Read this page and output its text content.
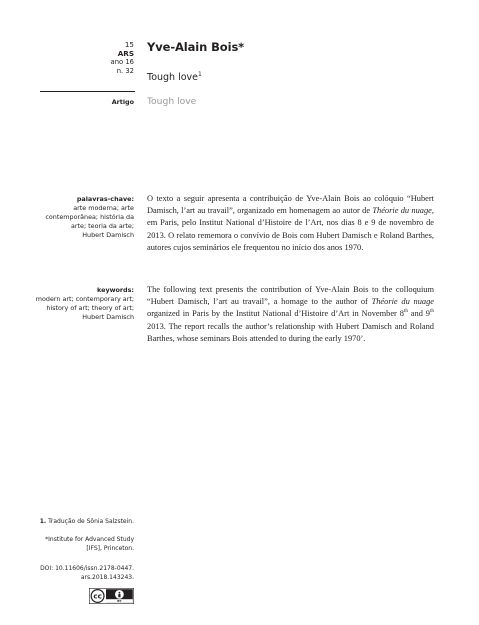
15
ARS
ano 16
n. 32
Artigo
Yve-Alain Bois*
Tough love$^1$
Tough love
palavras-chave:
arte moderna; arte
contemporânea; história da
arte; teoria da arte;
Hubert Damisch
O texto a seguir apresenta a contribuição de Yve-Alain Bois ao colóquio “Hubert Damisch, l’art au travail”, organizado em homenagem ao autor de Théorie du nuage, em Paris, pelo Institut National d’Histoire de l’Art, nos dias 8 e 9 de novembro de 2013. O relato rememora o convívio de Bois com Hubert Damisch e Roland Barthes, autores cujos seminários ele frequentou no início dos anos 1970.
keywords:
modern art; contemporary art;
history of art; theory of art;
Hubert Damisch
The following text presents the contribution of Yve-Alain Bois to the colloquium “Hubert Damisch, l’art au travail”, a homage to the author of Théorie du nuage organized in Paris by the Institut National d’Histoire d’Art in November 8th and 9th 2013. The report recalls the author’s relationship with Hubert Damisch and Roland Barthes, whose seminars Bois attended to during the early 1970’.
1. Tradução de Sônia Salzstein.
*Institute for Advanced Study
[IFS], Princeton.
DOI: 10.11606/issn.2178-0447.
ars.2018.143243.
cc
BY
